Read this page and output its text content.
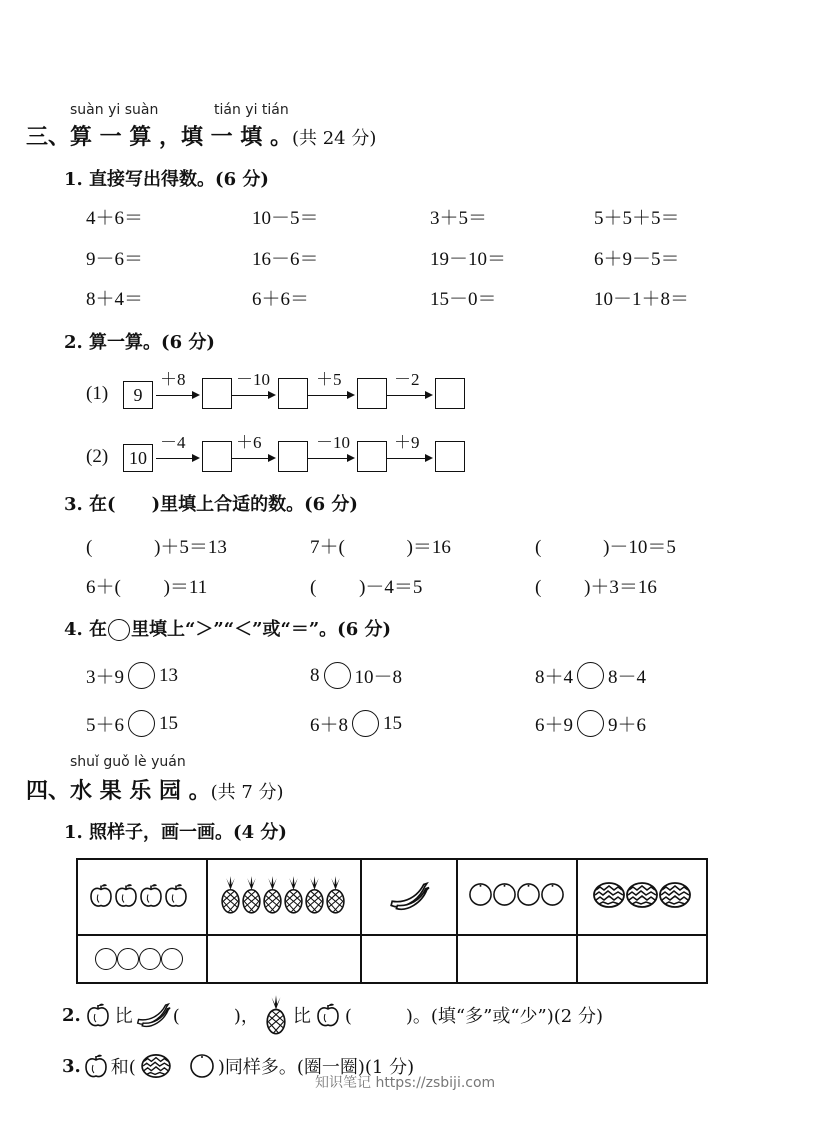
suàn yi suàn	tián yi tián
三、算 一 算 ，填 一 填 。(共 24 分)
1. 直接写出得数。(6 分)
4＋6＝	10－5＝	3＋5＝	5＋5＋5＝
9－6＝	16－6＝	19－10＝	6＋9－5＝
8＋4＝	6＋6＝	15－0＝	10－1＋8＝
2. 算一算。(6 分)
(1)	9
＋8	－10	＋5	－2
(2)	10
－4	＋6	－10	＋9
3. 在(　　)里填上合适的数。(6 分)
(　　　 )＋5＝13	7＋(　　　 )＝16	(　　　 )－10＝5
6＋(　　 )＝11	(　　 )－4＝5	(　　 )＋3＝16
4. 在 里填上“＞”“＜”或“＝”。(6 分)
3＋9 13	8 10－8	8＋4 8－4
5＋6 15	6＋8 15	6＋9 9＋6
shuǐ guǒ lè yuán
四、水 果 乐 园 。(共 7 分)
1. 照样子，画一画。(4 分)

2. 比 (　　　)， 比 (　　　)。(填“多”或“少”)(2 分)
3. 和(	)同样多。(圈一圈)(1 分)
知识笔记 https://zsbiji.com
